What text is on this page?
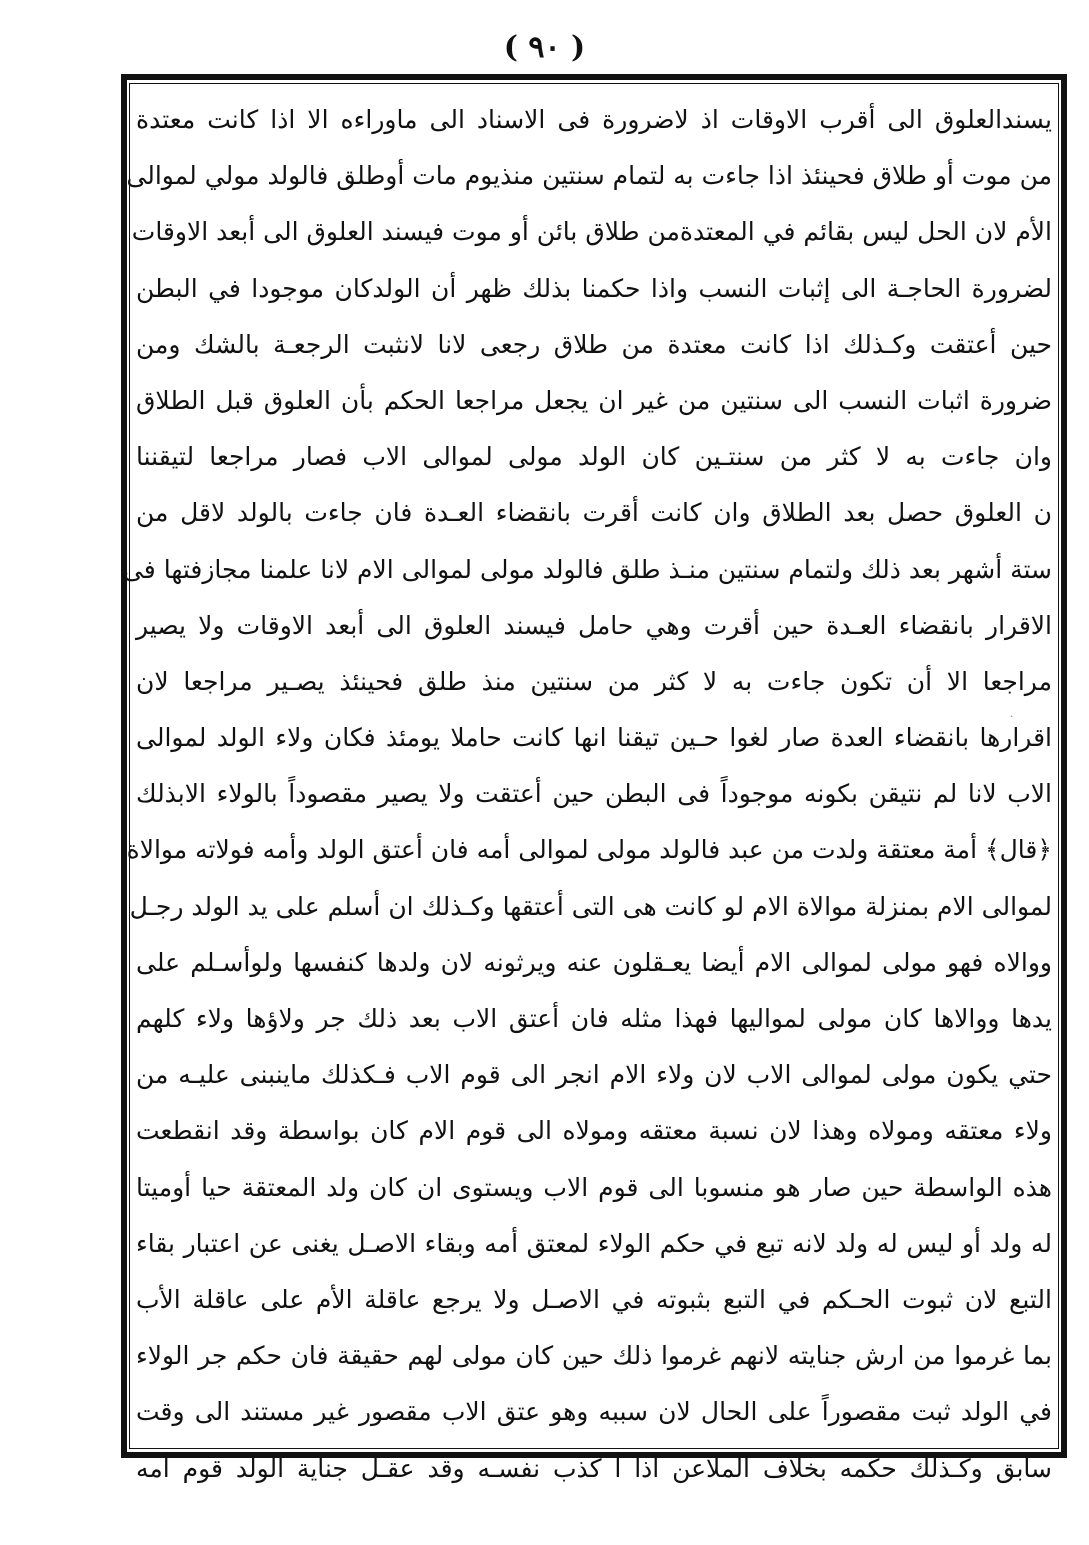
( ٩٠ )
يسندالعلوق الى أقرب الاوقات اذ لاضرورة فى الاسناد الى ماوراءه الا اذا كانت معتدة
من موت أو طلاق فحينئذ اذا جاءت به لتمام سنتين منذيوم مات أوطلق فالولد مولي لموالى
الأم لان الحل ليس بقائم في المعتدةمن طلاق بائن أو موت فيسند العلوق الى أبعد الاوقات
لضرورة الحاجـة الى إثبات النسب واذا حكمنا بذلك ظهر أن الولدكان موجودا في البطن
حين أعتقت وكـذلك اذا كانت معتدة من طلاق رجعى لانا لانثبت الرجعـة بالشك ومن
ضرورة اثبات النسب الى سنتين من غير ان يجعل مراجعا الحكم بأن العلوق قبل الطلاق
وان جاءت به لا كثر من سنتـين كان الولد مولى لموالى الاب فصار مراجعا لتيقننا
ن العلوق حصل بعد الطلاق وان كانت أقرت بانقضاء العـدة فان جاءت بالولد لاقل من
ستة أشهر بعد ذلك ولتمام سنتين منـذ طلق فالولد مولى لموالى الام لانا علمنا مجازفتها فى
الاقرار بانقضاء العـدة حين أقرت وهي حامل فيسند العلوق الى أبعد الاوقات ولا يصير
مراجعا الا أن تكون جاءت به لا كثر من سنتين منذ طلق فحينئذ يصـير مراجعا لان
اقرارها بانقضاء العدة صار لغوا حـين تيقنا انها كانت حاملا يومئذ فكان ولاء الولد لموالى
الاب لانا لم نتيقن بكونه موجوداً فى البطن حين أعتقت ولا يصير مقصوداً بالولاء الابذلك
﴿قال﴾ أمة معتقة ولدت من عبد فالولد مولى لموالى أمه فان أعتق الولد وأمه فولاته موالاة
لموالى الام بمنزلة موالاة الام لو كانت هى التى أعتقها وكـذلك ان أسلم على يد الولد رجـل
ووالاه فهو مولى لموالى الام أيضا يعـقلون عنه ويرثونه لان ولدها كنفسها ولوأسـلم على
يدها ووالاها كان مولى لمواليها فهذا مثله فان أعتق الاب بعد ذلك جر ولاؤها ولاء كلهم
حتي يكون مولى لموالى الاب لان ولاء الام انجر الى قوم الاب فـكذلك ماينبنى عليـه من
ولاء معتقه ومولاه وهذا لان نسبة معتقه ومولاه الى قوم الام كان بواسطة وقد انقطعت
هذه الواسطة حين صار هو منسوبا الى قوم الاب ويستوى ان كان ولد المعتقة حيا أوميتا
له ولد أو ليس له ولد لانه تبع في حكم الولاء لمعتق أمه وبقاء الاصـل يغنى عن اعتبار بقاء
التبع لان ثبوت الحـكم في التبع بثبوته في الاصـل ولا يرجع عاقلة الأم على عاقلة الأب
بما غرموا من ارش جنايته لانهم غرموا ذلك حين كان مولى لهم حقيقة فان حكم جر الولاء
في الولد ثبت مقصوراً على الحال لان سببه وهو عتق الاب مقصور غير مستند الى وقت
سابق وكـذلك حكمه بخلاف الملاعن اذا أ كذب نفسـه وقد عقـل جناية الولد قوم أمه
·
